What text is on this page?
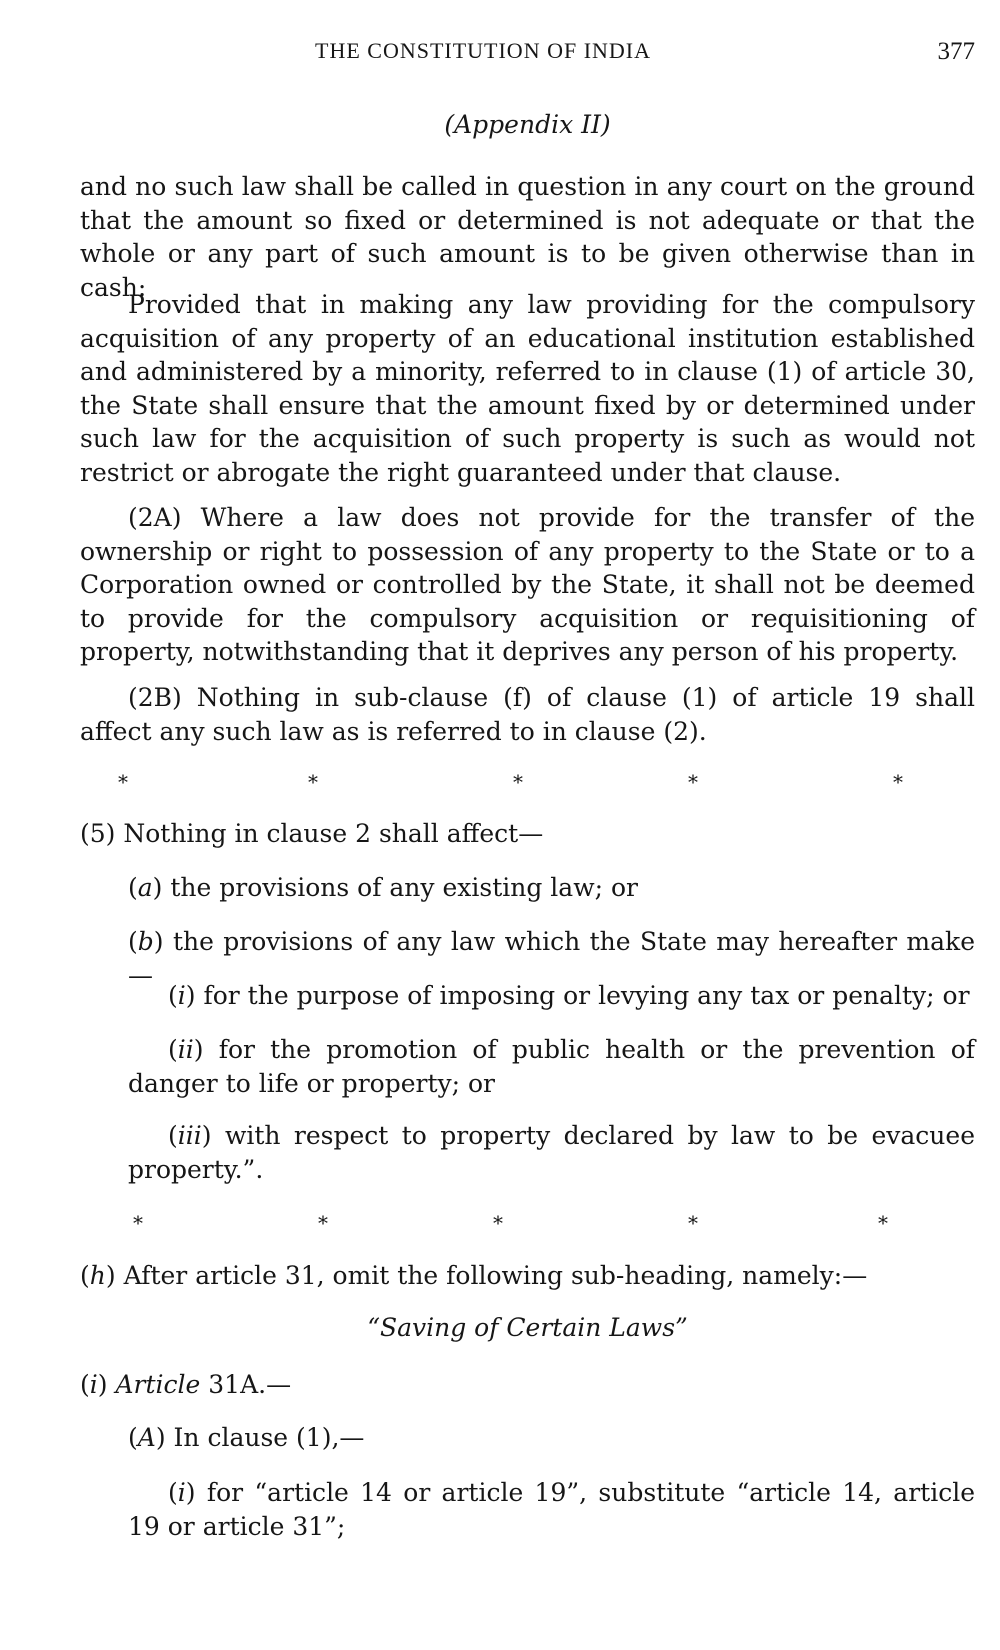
THE CONSTITUTION OF INDIA	377
(Appendix II)

and no such law shall be called in question in any court on the ground that the amount so fixed or determined is not adequate or that the whole or any part of such amount is to be given otherwise than in cash:

Provided that in making any law providing for the compulsory acquisition of any property of an educational institution established and administered by a minority, referred to in clause (1) of article 30, the State shall ensure that the amount fixed by or determined under such law for the acquisition of such property is such as would not restrict or abrogate the right guaranteed under that clause.

(2A) Where a law does not provide for the transfer of the ownership or right to possession of any property to the State or to a Corporation owned or controlled by the State, it shall not be deemed to provide for the compulsory acquisition or requisitioning of property, notwithstanding that it deprives any person of his property.

(2B) Nothing in sub-clause (f) of clause (1) of article 19 shall affect any such law as is referred to in clause (2).

*	*	*	*	*

(5) Nothing in clause 2 shall affect—

(a) the provisions of any existing law; or

(b) the provisions of any law which the State may hereafter make—

(i) for the purpose of imposing or levying any tax or penalty; or

(ii) for the promotion of public health or the prevention of danger to life or property; or

(iii) with respect to property declared by law to be evacuee property.”.

*	*	*	*	*

(h) After article 31, omit the following sub-heading, namely:—

“Saving of Certain Laws”

(i) Article 31A.—

(A) In clause (1),—

(i) for “article 14 or article 19”, substitute “article 14, article 19 or article 31”;
